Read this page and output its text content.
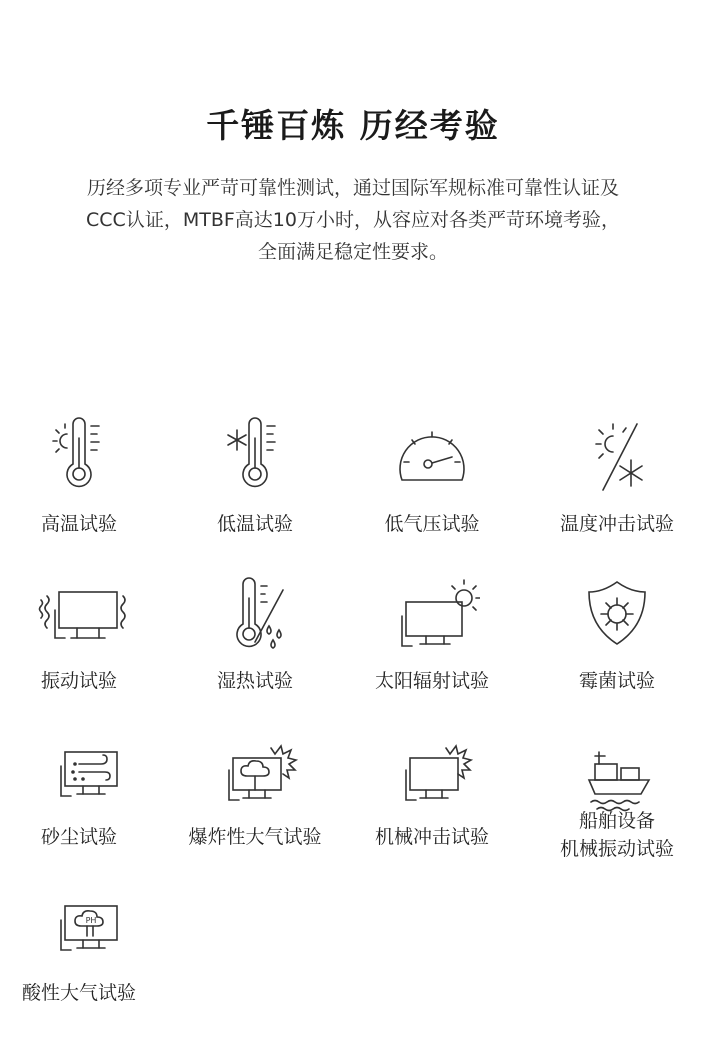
千锤百炼 历经考验
历经多项专业严苛可靠性测试，通过国际军规标准可靠性认证及
CCC认证，MTBF高达10万小时，从容应对各类严苛环境考验，
全面满足稳定性要求。
高温试验	低温试验	低气压试验	温度冲击试验
振动试验	湿热试验	太阳辐射试验	霉菌试验
砂尘试验	爆炸性大气试验	机械冲击试验
船舶设备
机械振动试验
PH
酸性大气试验
